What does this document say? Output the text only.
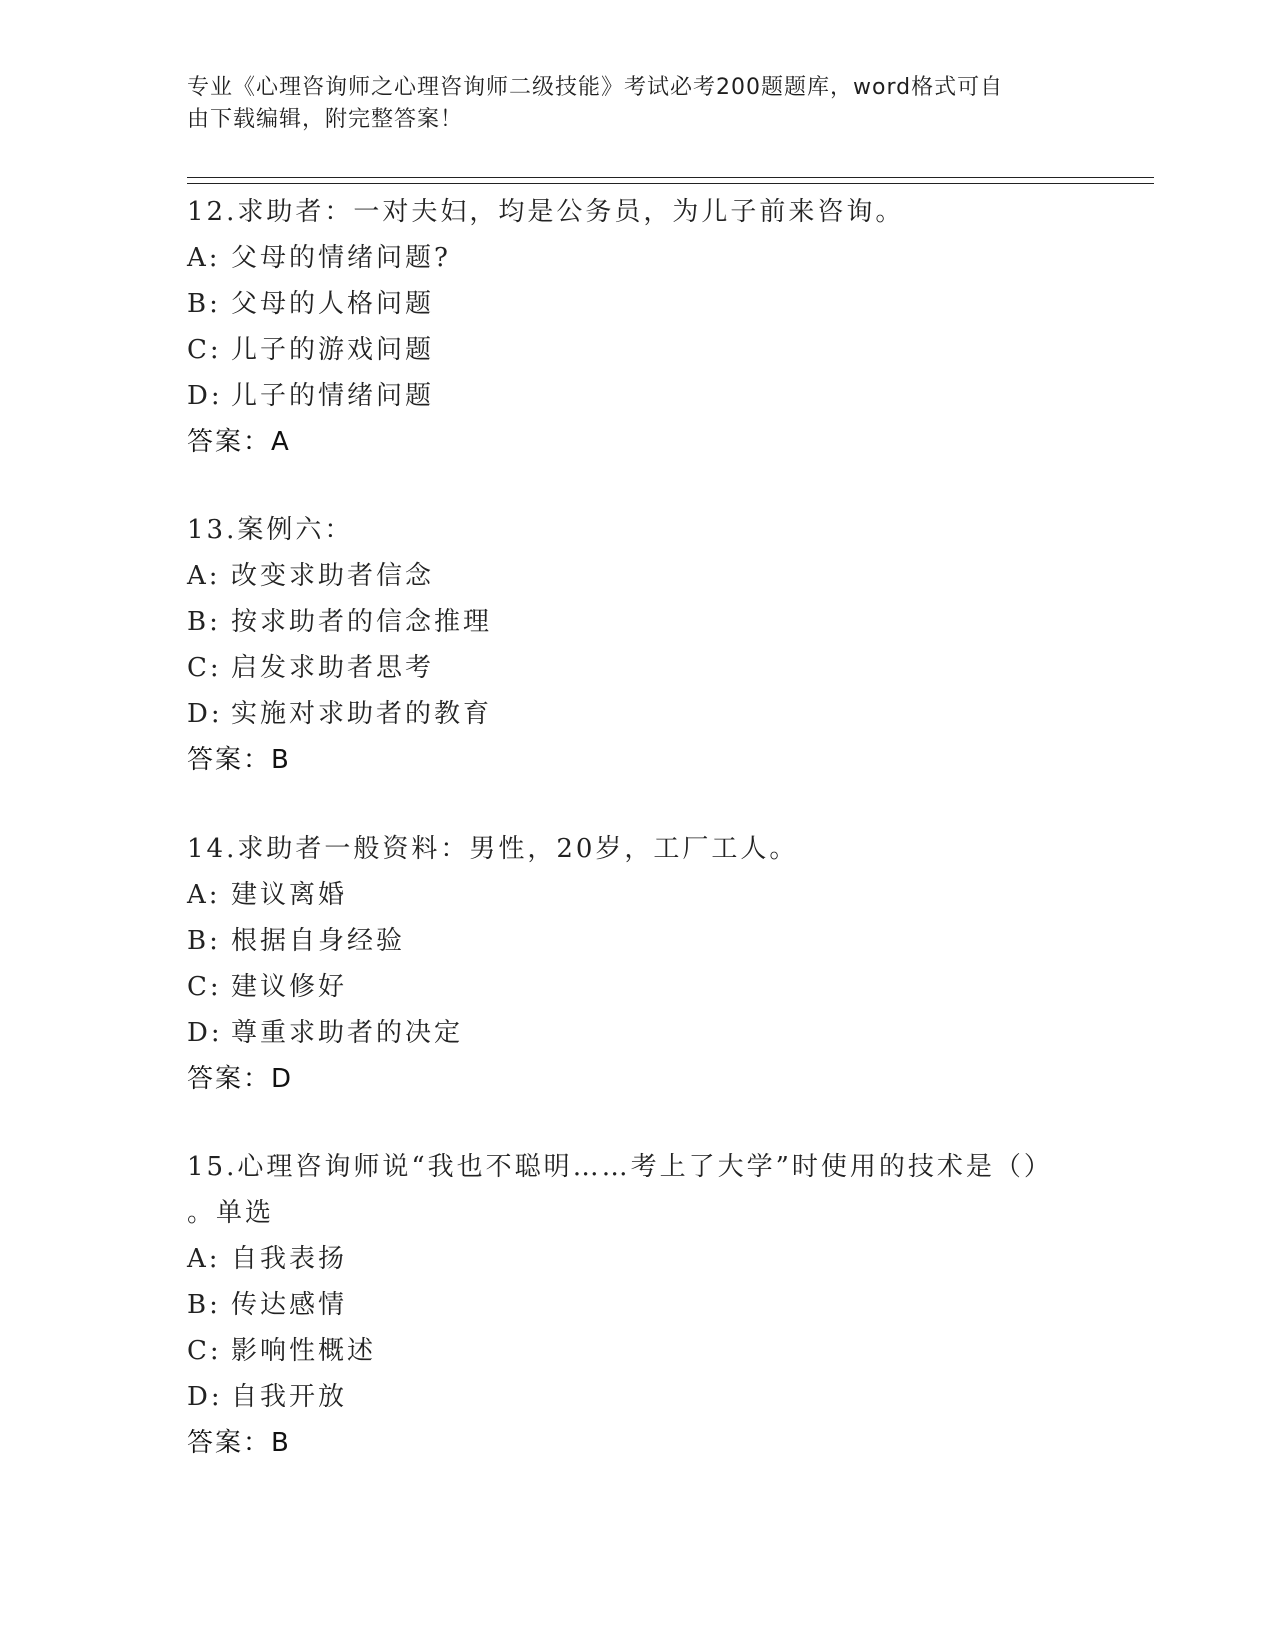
专业《心理咨询师之心理咨询师二级技能》考试必考200题题库，word格式可自
由下载编辑，附完整答案！
12.求助者：一对夫妇，均是公务员，为儿子前来咨询。
A: 父母的情绪问题?
B: 父母的人格问题
C: 儿子的游戏问题
D: 儿子的情绪问题
答案：A
13.案例六：
A: 改变求助者信念
B: 按求助者的信念推理
C: 启发求助者思考
D: 实施对求助者的教育
答案：B
14.求助者一般资料：男性，20岁，工厂工人。
A: 建议离婚
B: 根据自身经验
C: 建议修好
D: 尊重求助者的决定
答案：D
15.心理咨询师说“我也不聪明……考上了大学”时使用的技术是（）
。单选
A: 自我表扬
B: 传达感情
C: 影响性概述
D: 自我开放
答案：B
